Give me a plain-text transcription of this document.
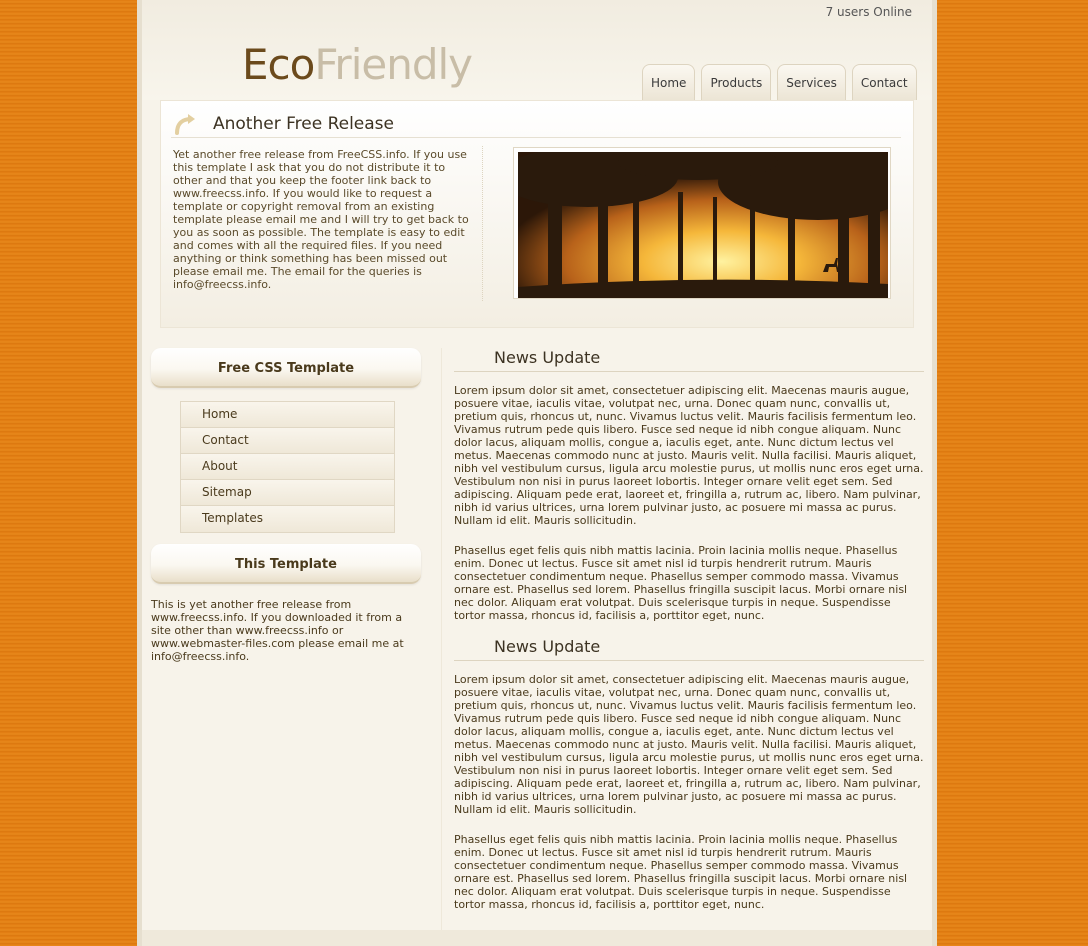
7 users Online
EcoFriendly	Home	Products	Services	Contact
Another Free Release
Yet another free release from FreeCSS.info. If you use this template I ask that you do not distribute it to other and that you keep the footer link back to www.freecss.info. If you would like to request a template or copyright removal from an existing template please email me and I will try to get back to you as soon as possible. The template is easy to edit and comes with all the required files. If you need anything or think something has been missed out please email me. The email for the queries is info@freecss.info.
Free CSS Template
Home
Contact
About
Sitemap
Templates
This Template
This is yet another free release from www.freecss.info. If you downloaded it from a site other than www.freecss.info or www.webmaster-files.com please email me at info@freecss.info.
News Update

Lorem ipsum dolor sit amet, consectetuer adipiscing elit. Maecenas mauris augue, posuere vitae, iaculis vitae, volutpat nec, urna. Donec quam nunc, convallis ut, pretium quis, rhoncus ut, nunc. Vivamus luctus velit. Mauris facilisis fermentum leo. Vivamus rutrum pede quis libero. Fusce sed neque id nibh congue aliquam. Nunc dolor lacus, aliquam mollis, congue a, iaculis eget, ante. Nunc dictum lectus vel metus. Maecenas commodo nunc at justo. Mauris velit. Nulla facilisi. Mauris aliquet, nibh vel vestibulum cursus, ligula arcu molestie purus, ut mollis nunc eros eget urna. Vestibulum non nisi in purus laoreet lobortis. Integer ornare velit eget sem. Sed adipiscing. Aliquam pede erat, laoreet et, fringilla a, rutrum ac, libero. Nam pulvinar, nibh id varius ultrices, urna lorem pulvinar justo, ac posuere mi massa ac purus. Nullam id elit. Mauris sollicitudin.

Phasellus eget felis quis nibh mattis lacinia. Proin lacinia mollis neque. Phasellus enim. Donec ut lectus. Fusce sit amet nisl id turpis hendrerit rutrum. Mauris consectetuer condimentum neque. Phasellus semper commodo massa. Vivamus ornare est. Phasellus sed lorem. Phasellus fringilla suscipit lacus. Morbi ornare nisl nec dolor. Aliquam erat volutpat. Duis scelerisque turpis in neque. Suspendisse tortor massa, rhoncus id, facilisis a, porttitor eget, nunc.

News Update

Lorem ipsum dolor sit amet, consectetuer adipiscing elit. Maecenas mauris augue, posuere vitae, iaculis vitae, volutpat nec, urna. Donec quam nunc, convallis ut, pretium quis, rhoncus ut, nunc. Vivamus luctus velit. Mauris facilisis fermentum leo. Vivamus rutrum pede quis libero. Fusce sed neque id nibh congue aliquam. Nunc dolor lacus, aliquam mollis, congue a, iaculis eget, ante. Nunc dictum lectus vel metus. Maecenas commodo nunc at justo. Mauris velit. Nulla facilisi. Mauris aliquet, nibh vel vestibulum cursus, ligula arcu molestie purus, ut mollis nunc eros eget urna. Vestibulum non nisi in purus laoreet lobortis. Integer ornare velit eget sem. Sed adipiscing. Aliquam pede erat, laoreet et, fringilla a, rutrum ac, libero. Nam pulvinar, nibh id varius ultrices, urna lorem pulvinar justo, ac posuere mi massa ac purus. Nullam id elit. Mauris sollicitudin.

Phasellus eget felis quis nibh mattis lacinia. Proin lacinia mollis neque. Phasellus enim. Donec ut lectus. Fusce sit amet nisl id turpis hendrerit rutrum. Mauris consectetuer condimentum neque. Phasellus semper commodo massa. Vivamus ornare est. Phasellus sed lorem. Phasellus fringilla suscipit lacus. Morbi ornare nisl nec dolor. Aliquam erat volutpat. Duis scelerisque turpis in neque. Suspendisse tortor massa, rhoncus id, facilisis a, porttitor eget, nunc.
